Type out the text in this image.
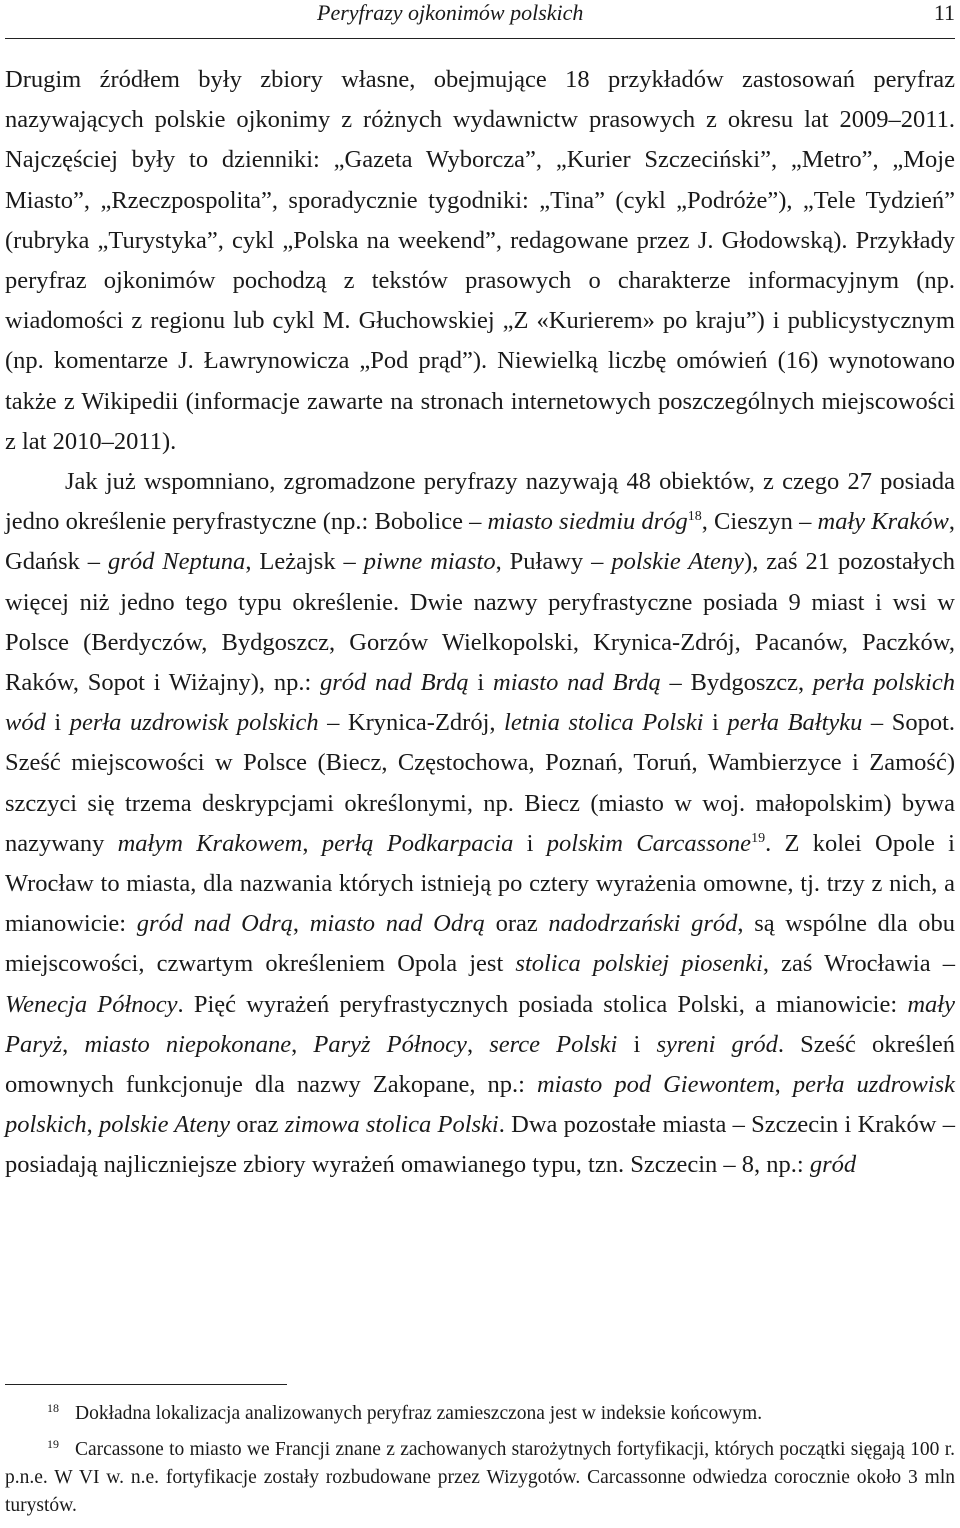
Peryfrazy ojkonimów polskich	11

Drugim źródłem były zbiory własne, obejmujące 18 przykładów zastosowań peryfraz nazywających polskie ojkonimy z różnych wydawnictw prasowych z okresu lat 2009–2011. Najczęściej były to dzienniki: „Gazeta Wyborcza”, „Kurier Szczeciński”, „Metro”, „Moje Miasto”, „Rzeczpospolita”, sporadycznie tygodniki: „Tina” (cykl „Podróże”), „Tele Tydzień” (rubryka „Turystyka”, cykl „Polska na weekend”, redagowane przez J. Głodowską). Przykłady peryfraz ojkonimów pochodzą z tekstów prasowych o charakterze informacyjnym (np. wiadomości z regionu lub cykl M. Głuchowskiej „Z «Kurierem» po kraju”) i publicystycznym (np. komentarze J. Ławrynowicza „Pod prąd”). Niewielką liczbę omówień (16) wynotowano także z Wikipedii (informacje zawarte na stronach internetowych poszczególnych miejscowości z lat 2010–2011).

Jak już wspomniano, zgromadzone peryfrazy nazywają 48 obiektów, z czego 27 posiada jedno określenie peryfrastyczne (np.: Bobolice – miasto siedmiu dróg$^{18}$, Cieszyn – mały Kraków, Gdańsk – gród Neptuna, Leżajsk – piwne miasto, Puławy – polskie Ateny), zaś 21 pozostałych więcej niż jedno tego typu określenie. Dwie nazwy peryfrastyczne posiada 9 miast i wsi w Polsce (Berdyczów, Bydgoszcz, Gorzów Wielkopolski, Krynica-Zdrój, Pacanów, Paczków, Raków, Sopot i Wiżajny), np.: gród nad Brdą i miasto nad Brdą – Bydgoszcz, perła polskich wód i perła uzdrowisk polskich – Krynica-Zdrój, letnia stolica Polski i perła Bałtyku – Sopot. Sześć miejscowości w Polsce (Biecz, Częstochowa, Poznań, Toruń, Wambierzyce i Zamość) szczyci się trzema deskrypcjami określonymi, np. Biecz (miasto w woj. małopolskim) bywa nazywany małym Krakowem, perłą Podkarpacia i polskim Carcassone$^{19}$. Z kolei Opole i Wrocław to miasta, dla nazwania których istnieją po cztery wyrażenia omowne, tj. trzy z nich, a mianowicie: gród nad Odrą, miasto nad Odrą oraz nadodrzański gród, są wspólne dla obu miejscowości, czwartym określeniem Opola jest stolica polskiej piosenki, zaś Wrocławia – Wenecja Północy. Pięć wyrażeń peryfrastycznych posiada stolica Polski, a mianowicie: mały Paryż, miasto niepokonane, Paryż Północy, serce Polski i syreni gród. Sześć określeń omownych funkcjonuje dla nazwy Zakopane, np.: miasto pod Giewontem, perła uzdrowisk polskich, polskie Ateny oraz zimowa stolica Polski. Dwa pozostałe miasta – Szczecin i Kraków – posiadają najliczniejsze zbiory wyrażeń omawianego typu, tzn. Szczecin – 8, np.: gród

$^{18}$ Dokładna lokalizacja analizowanych peryfraz zamieszczona jest w indeksie końcowym.

$^{19}$ Carcassone to miasto we Francji znane z zachowanych starożytnych fortyfikacji, których początki sięgają 100 r. p.n.e. W VI w. n.e. fortyfikacje zostały rozbudowane przez Wizygotów. Carcassonne odwiedza corocznie około 3 mln turystów.
